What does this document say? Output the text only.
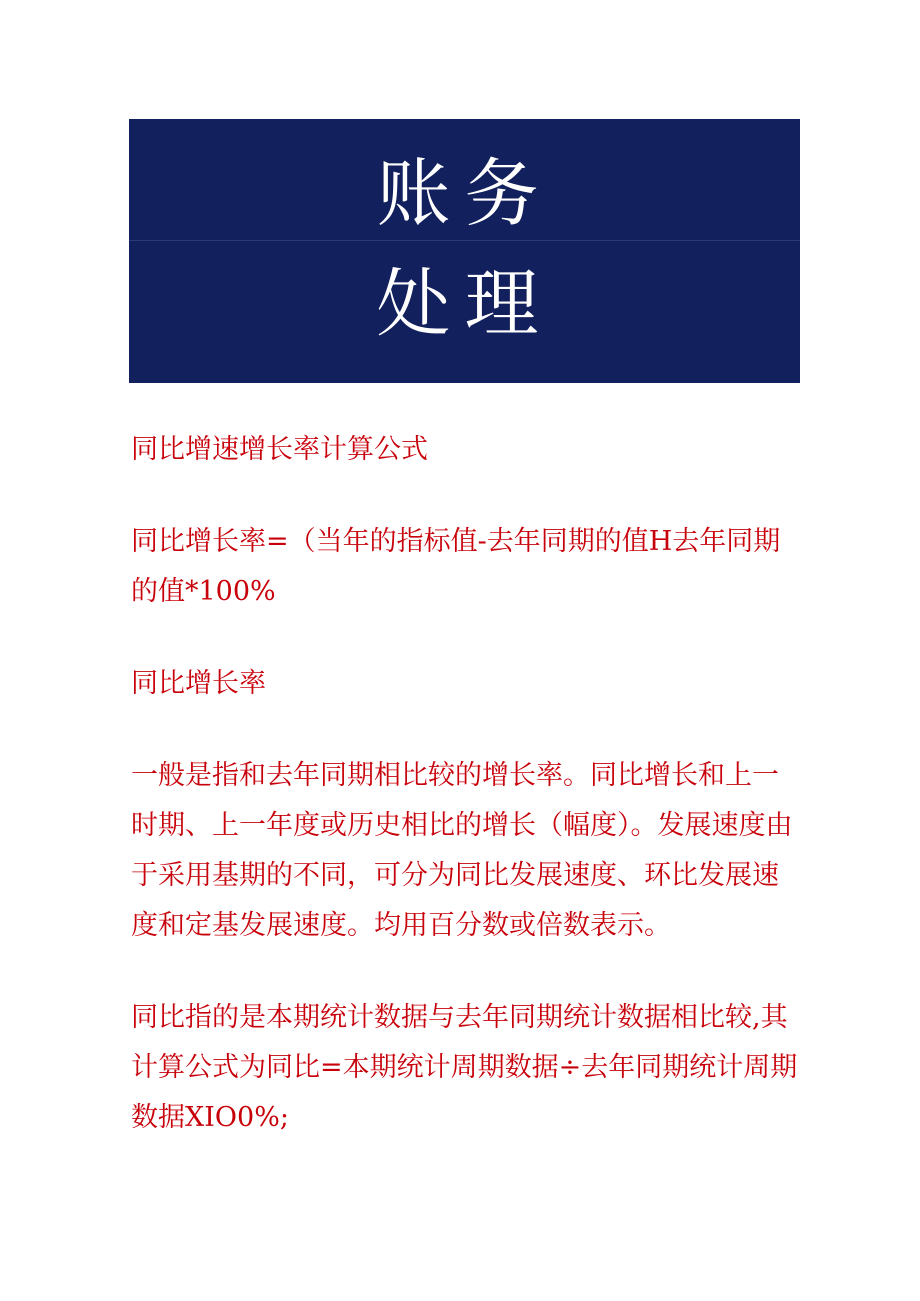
账务
处理

同比增速增长率计算公式

同比增长率=（当年的指标值-去年同期的值H去年同期的值*100%

同比增长率

一般是指和去年同期相比较的增长率。同比增长和上一时期、上一年度或历史相比的增长（幅度）。发展速度由于采用基期的不同，可分为同比发展速度、环比发展速度和定基发展速度。均用百分数或倍数表示。

同比指的是本期统计数据与去年同期统计数据相比较,其计算公式为同比=本期统计周期数据÷去年同期统计周期数据XIO0%;
